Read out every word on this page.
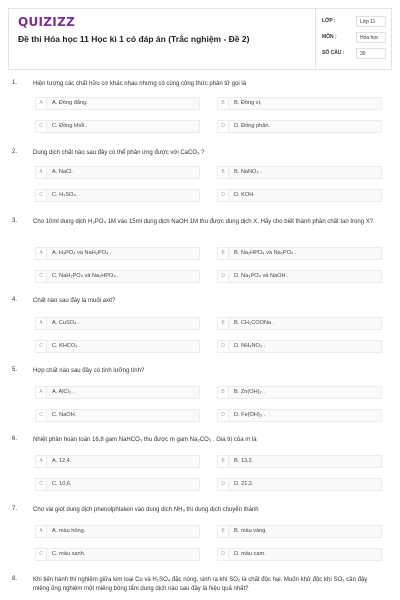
QUIZIZZ
Đề thi Hóa học 11 Học kì 1 có đáp án (Trắc nghiệm - Đề 2)
LỚP :	Lớp 11
MÔN :	Hóa học
SỐ CÂU :	30
1.	Hiện tượng các chất hữu cơ khác nhau nhưng có cùng công thức phân tử gọi là
A	A. Đồng đẳng.	B	B. Đồng vị.
C	C. Đồng khối.	D	D. Đồng phân.
2.	Dung dịch chất nào sau đây có thể phản ứng được với CaCO₃ ?
A	A. NaCl.	B	B. NaNO₃ .
C	C. H₂SO₄ .	D	D. KOH.
3.	Cho 10ml dung dịch H₃PO₄ 1M vào 15ml dung dịch NaOH 1M thu được dung dịch X. Hãy cho biết thành phần chất tan trong X?
A	A. H₃PO₄ và NaH₂PO₄ .	B	B. Na₂HPO₄ và Na₃PO₄ .
C	C. NaH₂PO₄ và Na₂HPO₄ .	D	D. Na₃PO₄ và NaOH .
4.	Chất nào sau đây là muối axit?
A	A. CuSO₄ .	B	B. CH₃COONa .
C	C. KHCO₃ .	D	D. NH₄NO₃ .
5.	Hợp chất nào sau đây có tính lưỡng tính?
A	A. AlCl₃ .	B	B. Zn(OH)₂ .
C	C. NaOH.	D	D. Fe(OH)₃ .
6.	Nhiệt phân hoàn toàn 16,8 gam NaHCO₃ thu được m gam Na₂CO₃ . Giá trị của m là
A	A. 12,4.	B	B. 13,2.
C	C. 10,6.	D	D. 21,2.
7.	Cho vài giọt dung dịch phenolphtalein vào dung dịch NH₃ thì dung dịch chuyển thành
A	A. màu hồng.	B	B. màu vàng.
C	C. màu xanh.	D	D. màu cam.
8.	Khi tiến hành thí nghiệm giữa kim loại Cu và H₂SO₄ đặc nóng, sinh ra khí SO₂ là chất độc hại. Muốn khử độc khí SO₂ cần đậy miệng ống nghiệm một miếng bông tẩm dung dịch nào sau đây là hiệu quả nhất?
